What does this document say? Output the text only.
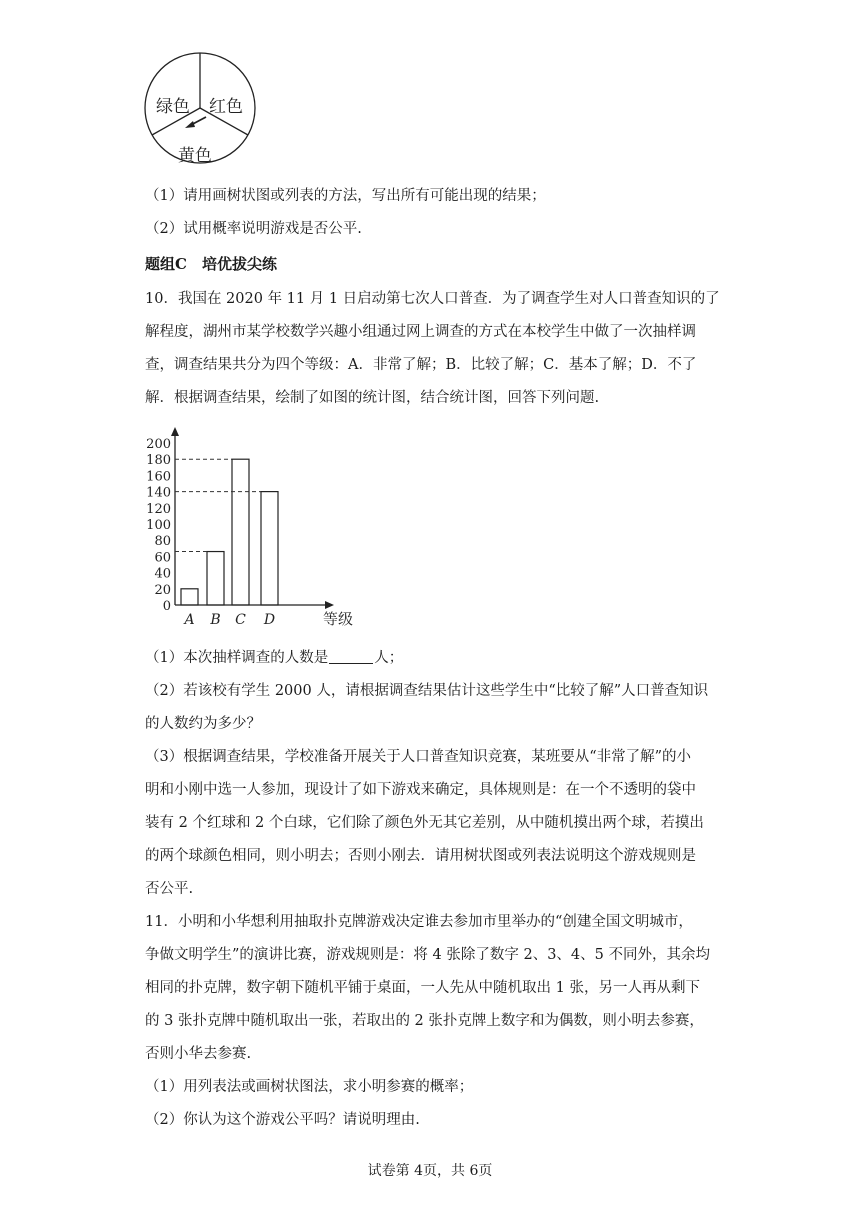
绿色 红色
黄色
（1）请用画树状图或列表的方法，写出所有可能出现的结果；
（2）试用概率说明游戏是否公平.
题组C　培优拔尖练
10．我国在 2020 年 11 月 1 日启动第七次人口普查．为了调查学生对人口普查知识的了
解程度，湖州市某学校数学兴趣小组通过网上调查的方式在本校学生中做了一次抽样调
查，调查结果共分为四个等级：A．非常了解；B．比较了解；C．基本了解；D．不了
解．根据调查结果，绘制了如图的统计图，结合统计图，回答下列问题.
0
20
40
60
80
100
120
140
160
180
200
A B C D	等级
（1）本次抽样调查的人数是	人；
（2）若该校有学生 2000 人，请根据调查结果估计这些学生中“比较了解”人口普查知识
的人数约为多少？
（3）根据调查结果，学校准备开展关于人口普查知识竞赛，某班要从“非常了解”的小
明和小刚中选一人参加，现设计了如下游戏来确定，具体规则是：在一个不透明的袋中
装有 2 个红球和 2 个白球，它们除了颜色外无其它差别，从中随机摸出两个球，若摸出
的两个球颜色相同，则小明去；否则小刚去．请用树状图或列表法说明这个游戏规则是
否公平.
11．小明和小华想利用抽取扑克牌游戏决定谁去参加市里举办的“创建全国文明城市，
争做文明学生”的演讲比赛，游戏规则是：将 4 张除了数字 2、3、4、5 不同外，其余均
相同的扑克牌，数字朝下随机平铺于桌面，一人先从中随机取出 1 张，另一人再从剩下
的 3 张扑克牌中随机取出一张，若取出的 2 张扑克牌上数字和为偶数，则小明去参赛，
否则小华去参赛.
（1）用列表法或画树状图法，求小明参赛的概率；
（2）你认为这个游戏公平吗？请说明理由.
试卷第 4页，共 6页
